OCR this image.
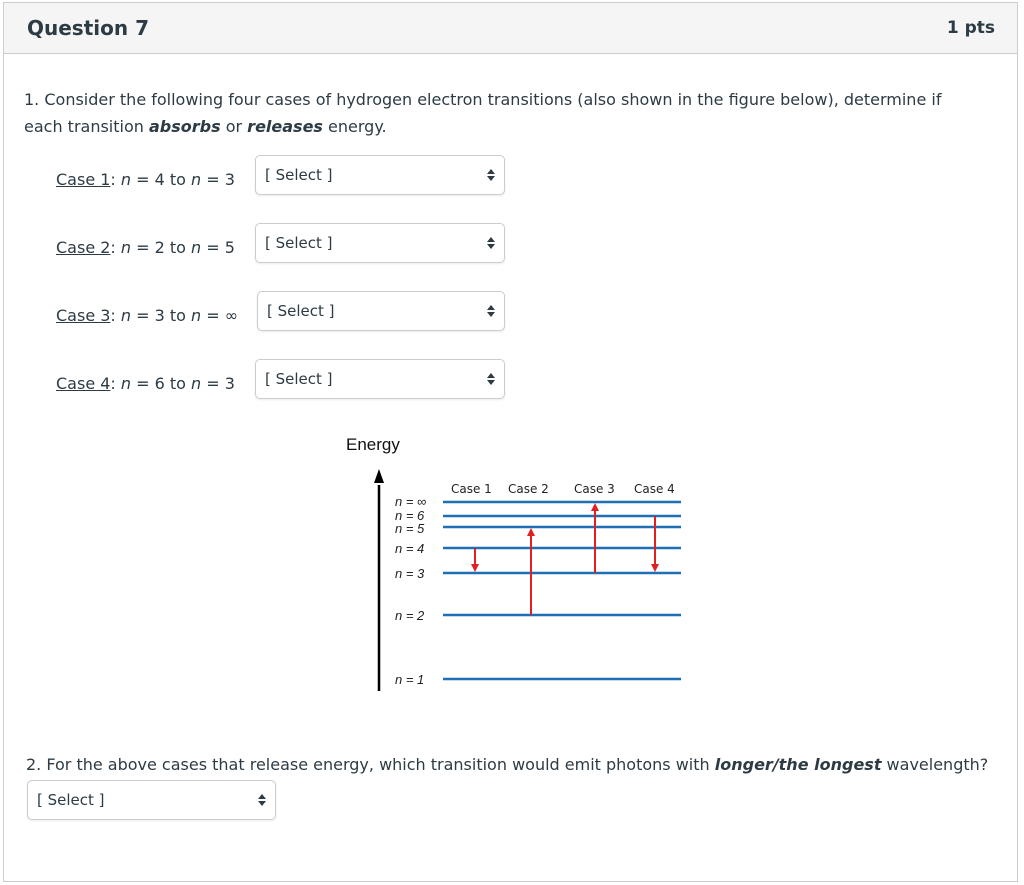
Question 7	1 pts
1. Consider the following four cases of hydrogen electron transitions (also shown in the figure below), determine if each transition absorbs or releases energy.
Case 1: n = 4 to n = 3 [ Select ]
Case 2: n = 2 to n = 5 [ Select ]
Case 3: n = 3 to n = ∞ [ Select ]
Case 4: n = 6 to n = 3 [ Select ]
Energy
Case 1 Case 2 Case 3 Case 4
n = ∞
n = 6
n = 5
n = 4
n = 3
n = 2
n = 1
2. For the above cases that release energy, which transition would emit photons with longer/the longest wavelength?
[ Select ]
